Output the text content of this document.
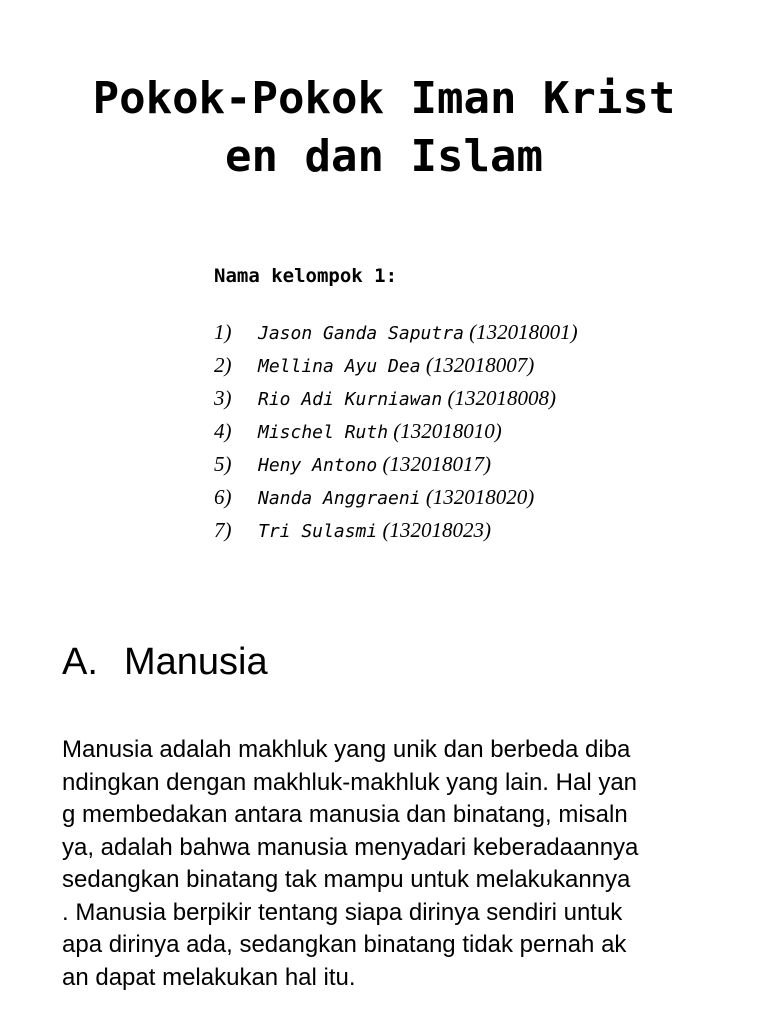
Pokok-Pokok Iman Krist
en dan Islam

Nama kelompok 1:

1)	Jason Ganda Saputra
(132018001)
2)	Mellina Ayu Dea
(132018007)
3)	Rio Adi Kurniawan
(132018008)
4)	Mischel Ruth
(132018010)
5)	Heny Antono
(132018017)
6)	Nanda Anggraeni
(132018020)
7)	Tri Sulasmi
(132018023)
A. Manusia

Manusia adalah makhluk yang unik dan berbeda diba
ndingkan dengan makhluk-makhluk yang lain. Hal yan
g membedakan antara manusia dan binatang, misaln
ya, adalah bahwa manusia menyadari keberadaannya
sedangkan binatang tak mampu untuk melakukannya
. Manusia berpikir tentang siapa dirinya sendiri untuk
apa dirinya ada, sedangkan binatang tidak pernah ak
an dapat melakukan hal itu.
